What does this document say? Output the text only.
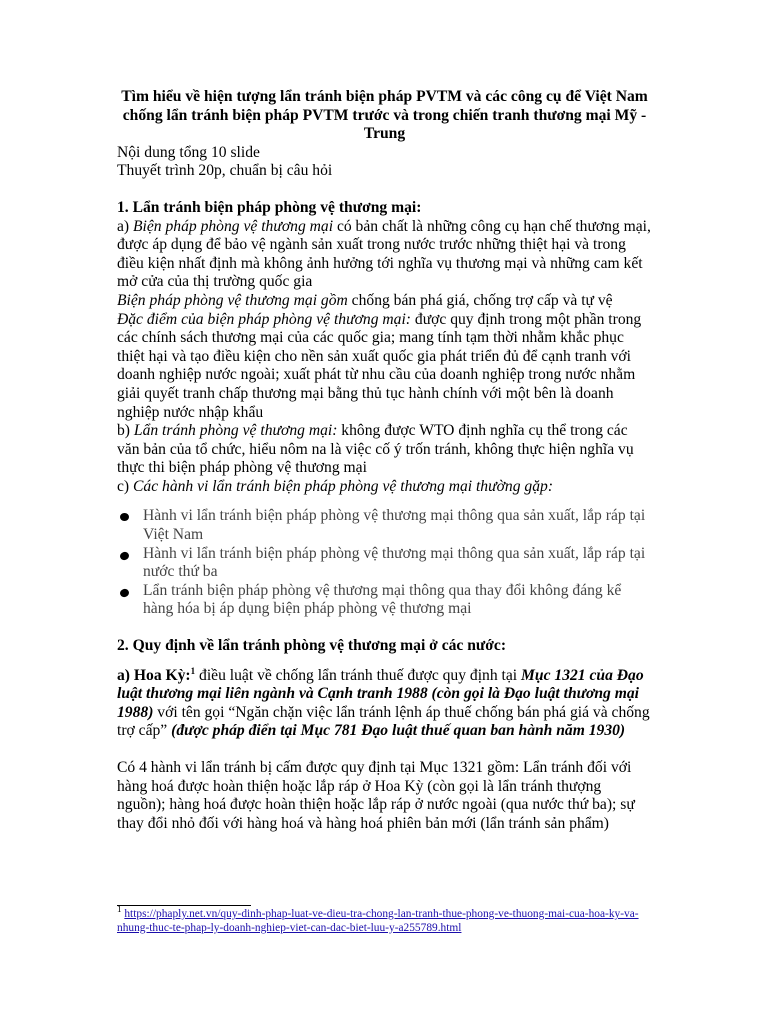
Tìm hiểu về hiện tượng lẩn tránh biện pháp PVTM và các công cụ để Việt Nam chống lẩn tránh biện pháp PVTM trước và trong chiến tranh thương mại Mỹ - Trung

Nội dung tổng 10 slide

Thuyết trình 20p, chuẩn bị câu hỏi

1. Lẩn tránh biện pháp phòng vệ thương mại:

a) Biện pháp phòng vệ thương mại có bản chất là những công cụ hạn chế thương mại, được áp dụng để bảo vệ ngành sản xuất trong nước trước những thiệt hại và trong điều kiện nhất định mà không ảnh hưởng tới nghĩa vụ thương mại và những cam kết mở cửa của thị trường quốc gia

Biện pháp phòng vệ thương mại gồm chống bán phá giá, chống trợ cấp và tự vệ

Đặc điểm của biện pháp phòng vệ thương mại: được quy định trong một phần trong các chính sách thương mại của các quốc gia; mang tính tạm thời nhằm khắc phục thiệt hại và tạo điều kiện cho nền sản xuất quốc gia phát triển đủ để cạnh tranh với doanh nghiệp nước ngoài; xuất phát từ nhu cầu của doanh nghiệp trong nước nhằm giải quyết tranh chấp thương mại bằng thủ tục hành chính với một bên là doanh nghiệp nước nhập khẩu

b) Lẩn tránh phòng vệ thương mại: không được WTO định nghĩa cụ thể trong các văn bản của tổ chức, hiểu nôm na là việc cố ý trốn tránh, không thực hiện nghĩa vụ thực thi biện pháp phòng vệ thương mại

c) Các hành vi lẩn tránh biện pháp phòng vệ thương mại thường gặp:

Hành vi lẩn tránh biện pháp phòng vệ thương mại thông qua sản xuất, lắp ráp tại Việt Nam
Hành vi lẩn tránh biện pháp phòng vệ thương mại thông qua sản xuất, lắp ráp tại nước thứ ba
Lẩn tránh biện pháp phòng vệ thương mại thông qua thay đổi không đáng kể hàng hóa bị áp dụng biện pháp phòng vệ thương mại

2. Quy định về lẩn tránh phòng vệ thương mại ở các nước:

a) Hoa Kỳ:$^1$ điều luật về chống lẩn tránh thuế được quy định tại Mục 1321 của Đạo luật thương mại liên ngành và Cạnh tranh 1988 (còn gọi là Đạo luật thương mại 1988) với tên gọi “Ngăn chặn việc lẩn tránh lệnh áp thuế chống bán phá giá và chống trợ cấp” (được pháp điển tại Mục 781 Đạo luật thuế quan ban hành năm 1930)

Có 4 hành vi lẩn tránh bị cấm được quy định tại Mục 1321 gồm: Lẩn tránh đối với hàng hoá được hoàn thiện hoặc lắp ráp ở Hoa Kỳ (còn gọi là lẩn tránh thượng nguồn); hàng hoá được hoàn thiện hoặc lắp ráp ở nước ngoài (qua nước thứ ba); sự thay đổi nhỏ đối với hàng hoá và hàng hoá phiên bản mới (lẩn tránh sản phẩm)

$^1$ https://phaply.net.vn/quy-dinh-phap-luat-ve-dieu-tra-chong-lan-tranh-thue-phong-ve-thuong-mai-cua-hoa-ky-va-nhung-thuc-te-phap-ly-doanh-nghiep-viet-can-dac-biet-luu-y-a255789.html
